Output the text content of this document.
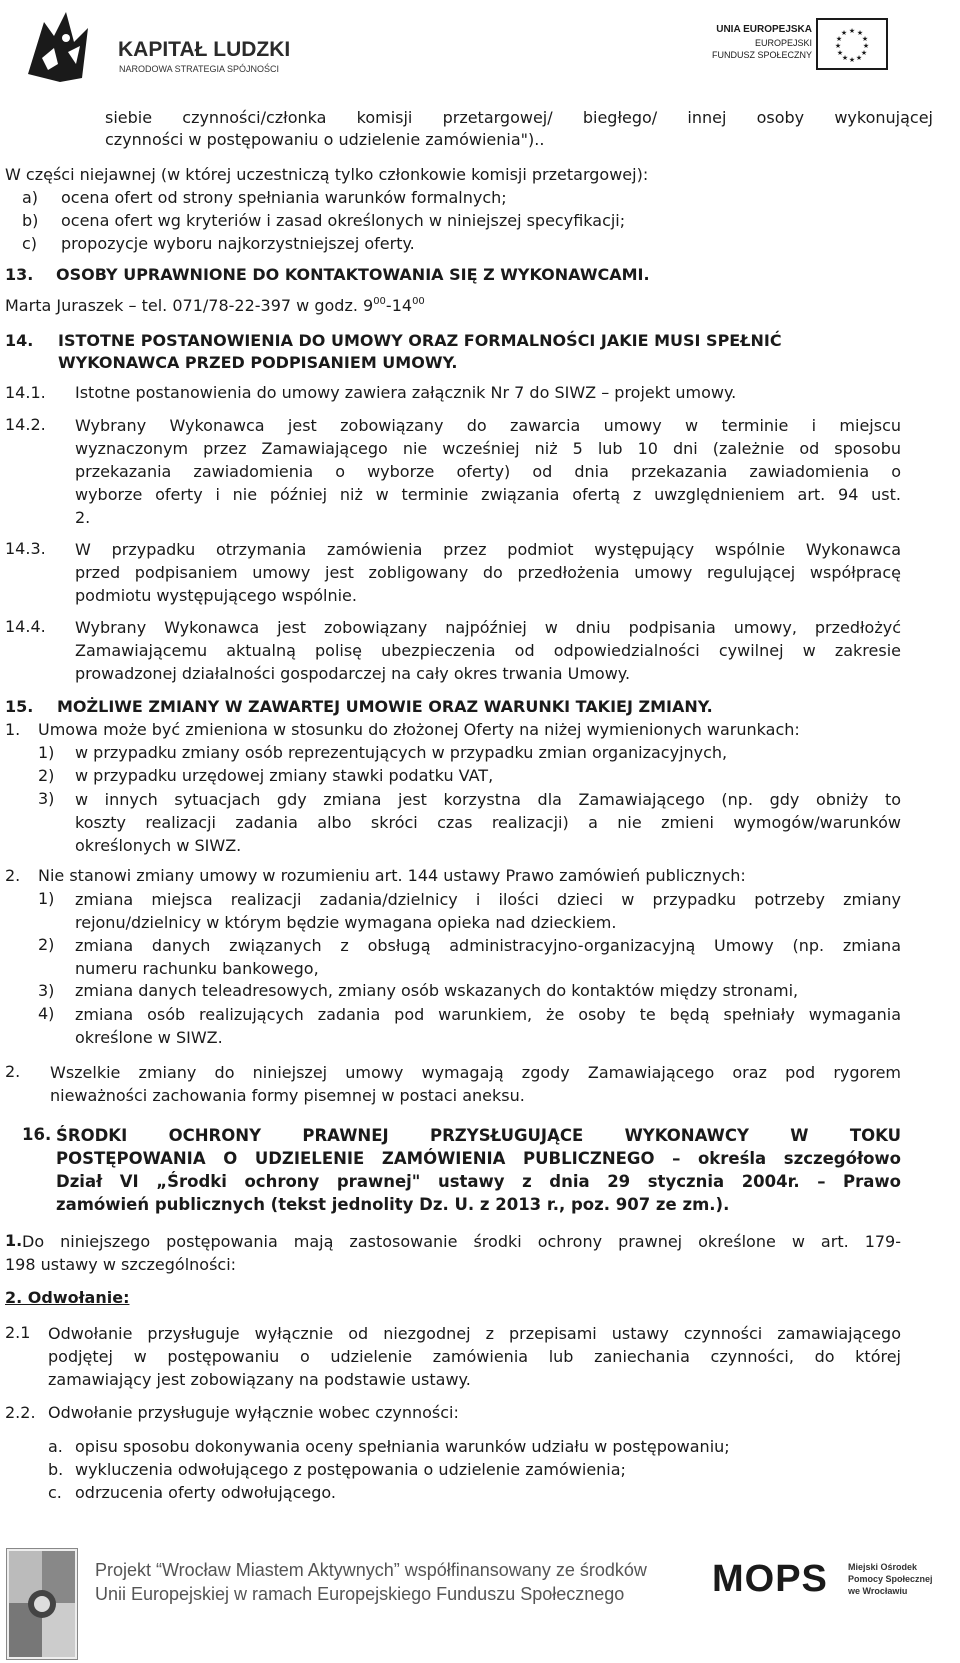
KAPITAŁ LUDZKI
NARODOWA STRATEGIA SPÓJNOŚCI
UNIA EUROPEJSKA
EUROPEJSKI
FUNDUSZ SPOŁECZNY
★ ★
★
★
★
★
★
★
★
★
★
★
siebie czynności/członka komisji przetargowej/ biegłego/ innej osoby wykonującej
czynności w postępowaniu o udzielenie zamówienia")..
W części niejawnej (w której uczestniczą tylko członkowie komisji przetargowej):
a) ocena ofert od strony spełniania warunków formalnych;
b) ocena ofert wg kryteriów i zasad określonych w niniejszej specyfikacji;
c) propozycje wyboru najkorzystniejszej oferty.
13. OSOBY UPRAWNIONE DO KONTAKTOWANIA SIĘ Z WYKONAWCAMI.
Marta Juraszek – tel. 071/78-22-397 w godz. $9^{00}-14^{00}$
14. ISTOTNE POSTANOWIENIA DO UMOWY ORAZ FORMALNOŚCI JAKIE MUSI SPEŁNIĆ
WYKONAWCA PRZED PODPISANIEM UMOWY.
14.1. Istotne postanowienia do umowy zawiera załącznik Nr 7 do SIWZ – projekt umowy.
14.2. Wybrany Wykonawca jest zobowiązany do zawarcia umowy w terminie i miejscu
wyznaczonym przez Zamawiającego nie wcześniej niż 5 lub 10 dni (zależnie od sposobu
przekazania zawiadomienia o wyborze oferty) od dnia przekazania zawiadomienia o
wyborze oferty i nie później niż w terminie związania ofertą z uwzględnieniem art. 94 ust.
2.
14.3. W przypadku otrzymania zamówienia przez podmiot występujący wspólnie Wykonawca
przed podpisaniem umowy jest zobligowany do przedłożenia umowy regulującej współpracę
podmiotu występującego wspólnie.
14.4. Wybrany Wykonawca jest zobowiązany najpóźniej w dniu podpisania umowy, przedłożyć
Zamawiającemu aktualną polisę ubezpieczenia od odpowiedzialności cywilnej w zakresie
prowadzonej działalności gospodarczej na cały okres trwania Umowy.
15. MOŻLIWE ZMIANY W ZAWARTEJ UMOWIE ORAZ WARUNKI TAKIEJ ZMIANY.
1. Umowa może być zmieniona w stosunku do złożonej Oferty na niżej wymienionych warunkach:
1) w przypadku zmiany osób reprezentujących w przypadku zmian organizacyjnych,
2) w przypadku urzędowej zmiany stawki podatku VAT,
3) w innych sytuacjach gdy zmiana jest korzystna dla Zamawiającego (np. gdy obniży to
koszty realizacji zadania albo skróci czas realizacji) a nie zmieni wymogów/warunków
określonych w SIWZ.
2. Nie stanowi zmiany umowy w rozumieniu art. 144 ustawy Prawo zamówień publicznych:
1) zmiana miejsca realizacji zadania/dzielnicy i ilości dzieci w przypadku potrzeby zmiany
rejonu/dzielnicy w którym będzie wymagana opieka nad dzieckiem.
2) zmiana danych związanych z obsługą administracyjno-organizacyjną Umowy (np. zmiana
numeru rachunku bankowego,
3) zmiana danych teleadresowych, zmiany osób wskazanych do kontaktów między stronami,
4) zmiana osób realizujących zadania pod warunkiem, że osoby te będą spełniały wymagania
określone w SIWZ.
2. Wszelkie zmiany do niniejszej umowy wymagają zgody Zamawiającego oraz pod rygorem
nieważności zachowania formy pisemnej w postaci aneksu.
16. ŚRODKI OCHRONY PRAWNEJ PRZYSŁUGUJĄCE WYKONAWCY W TOKU
POSTĘPOWANIA O UDZIELENIE ZAMÓWIENIA PUBLICZNEGO – określa szczegółowo
Dział VI „Środki ochrony prawnej" ustawy z dnia 29 stycznia 2004r. – Prawo
zamówień publicznych (tekst jednolity Dz. U. z 2013 r., poz. 907 ze zm.).
1. Do niniejszego postępowania mają zastosowanie środki ochrony prawnej określone w art. 179-
198 ustawy w szczególności:
2. Odwołanie:
2.1 Odwołanie przysługuje wyłącznie od niezgodnej z przepisami ustawy czynności zamawiającego
podjętej w postępowaniu o udzielenie zamówienia lub zaniechania czynności, do której
zamawiający jest zobowiązany na podstawie ustawy.
2.2. Odwołanie przysługuje wyłącznie wobec czynności:
a. opisu sposobu dokonywania oceny spełniania warunków udziału w postępowaniu;
b. wykluczenia odwołującego z postępowania o udzielenie zamówienia;
c. odrzucenia oferty odwołującego.
Projekt “Wrocław Miastem Aktywnych” współfinansowany ze środków
Unii Europejskiej w ramach Europejskiego Funduszu Społecznego MOPS Miejski Ośrodek
Pomocy Społecznej
we Wrocławiu
